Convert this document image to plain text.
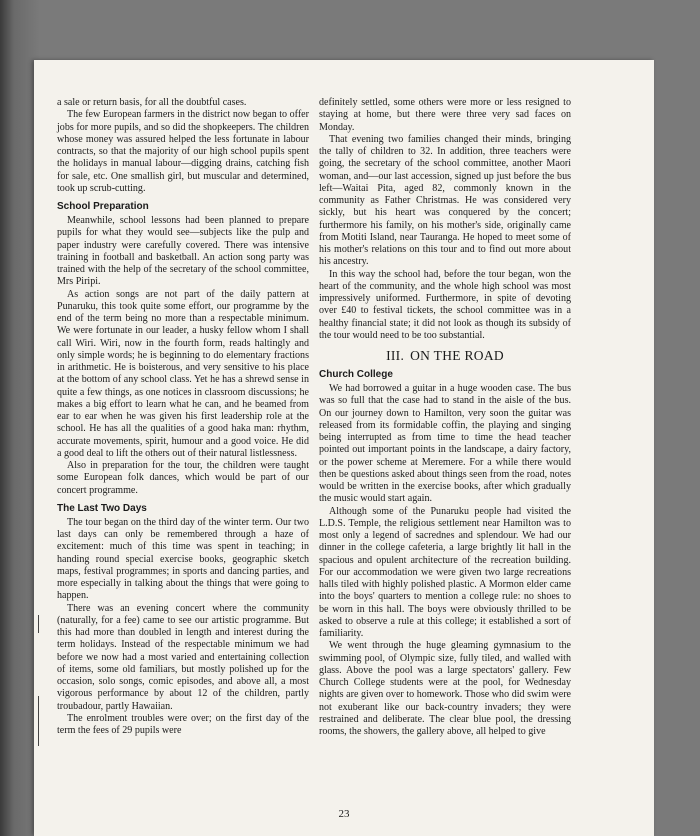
a sale or return basis, for all the doubtful cases.

The few European farmers in the district now began to offer jobs for more pupils, and so did the shopkeepers. The children whose money was assured helped the less fortunate in labour contracts, so that the majority of our high school pupils spent the holidays in manual labour—digging drains, catching fish for sale, etc. One smallish girl, but muscular and determined, took up scrub-cutting.

School Preparation

Meanwhile, school lessons had been planned to prepare pupils for what they would see—subjects like the pulp and paper industry were carefully covered. There was intensive training in football and basketball. An action song party was trained with the help of the secretary of the school committee, Mrs Piripi.

As action songs are not part of the daily pattern at Punaruku, this took quite some effort, our programme by the end of the term being no more than a respectable minimum. We were fortunate in our leader, a husky fellow whom I shall call Wiri. Wiri, now in the fourth form, reads haltingly and only simple words; he is beginning to do elementary fractions in arithmetic. He is boisterous, and very sensitive to his place at the bottom of any school class. Yet he has a shrewd sense in quite a few things, as one notices in classroom discussions; he makes a big effort to learn what he can, and he beamed from ear to ear when he was given his first leadership role at the school. He has all the qualities of a good haka man: rhythm, accurate movements, spirit, humour and a good voice. He did a good deal to lift the others out of their natural listlessness.

Also in preparation for the tour, the children were taught some European folk dances, which would be part of our concert programme.

The Last Two Days

The tour began on the third day of the winter term. Our two last days can only be remembered through a haze of excitement: much of this time was spent in teaching; in handing round special exercise books, geographic sketch maps, festival programmes; in sports and dancing parties, and more especially in talking about the things that were going to happen.

There was an evening concert where the community (naturally, for a fee) came to see our artistic programme. But this had more than doubled in length and interest during the term holidays. Instead of the respectable minimum we had before we now had a most varied and entertaining collection of items, some old familiars, but mostly polished up for the occasion, solo songs, comic episodes, and above all, a most vigorous performance by about 12 of the children, partly troubadour, partly Hawaiian.

The enrolment troubles were over; on the first day of the term the fees of 29 pupils were

definitely settled, some others were more or less resigned to staying at home, but there were three very sad faces on Monday.

That evening two families changed their minds, bringing the tally of children to 32. In addition, three teachers were going, the secretary of the school committee, another Maori woman, and—our last accession, signed up just before the bus left—Waitai Pita, aged 82, commonly known in the community as Father Christmas. He was considered very sickly, but his heart was conquered by the concert; furthermore his family, on his mother's side, originally came from Motiti Island, near Tauranga. He hoped to meet some of his mother's relations on this tour and to find out more about his ancestry.

In this way the school had, before the tour began, won the heart of the community, and the whole high school was most impressively uniformed. Furthermore, in spite of devoting over £40 to festival tickets, the school committee was in a healthy financial state; it did not look as though its subsidy of the tour would need to be too substantial.

III. ON THE ROAD
Church College

We had borrowed a guitar in a huge wooden case. The bus was so full that the case had to stand in the aisle of the bus. On our journey down to Hamilton, very soon the guitar was released from its formidable coffin, the playing and singing being interrupted as from time to time the head teacher pointed out important points in the landscape, a dairy factory, or the power scheme at Meremere. For a while there would then be questions asked about things seen from the road, notes would be written in the exercise books, after which gradually the music would start again.

Although some of the Punaruku people had visited the L.D.S. Temple, the religious settlement near Hamilton was to most only a legend of sacrednes and splendour. We had our dinner in the college cafeteria, a large brightly lit hall in the spacious and opulent architecture of the recreation building. For our accommodation we were given two large recreations halls tiled with highly polished plastic. A Mormon elder came into the boys' quarters to mention a college rule: no shoes to be worn in this hall. The boys were obviously thrilled to be asked to observe a rule at this college; it established a sort of familiarity.

We went through the huge gleaming gymnasium to the swimming pool, of Olympic size, fully tiled, and walled with glass. Above the pool was a large spectators' gallery. Few Church College students were at the pool, for Wednesday nights are given over to homework. Those who did swim were not exuberant like our back-country invaders; they were restrained and deliberate. The clear blue pool, the dressing rooms, the showers, the gallery above, all helped to give

23
